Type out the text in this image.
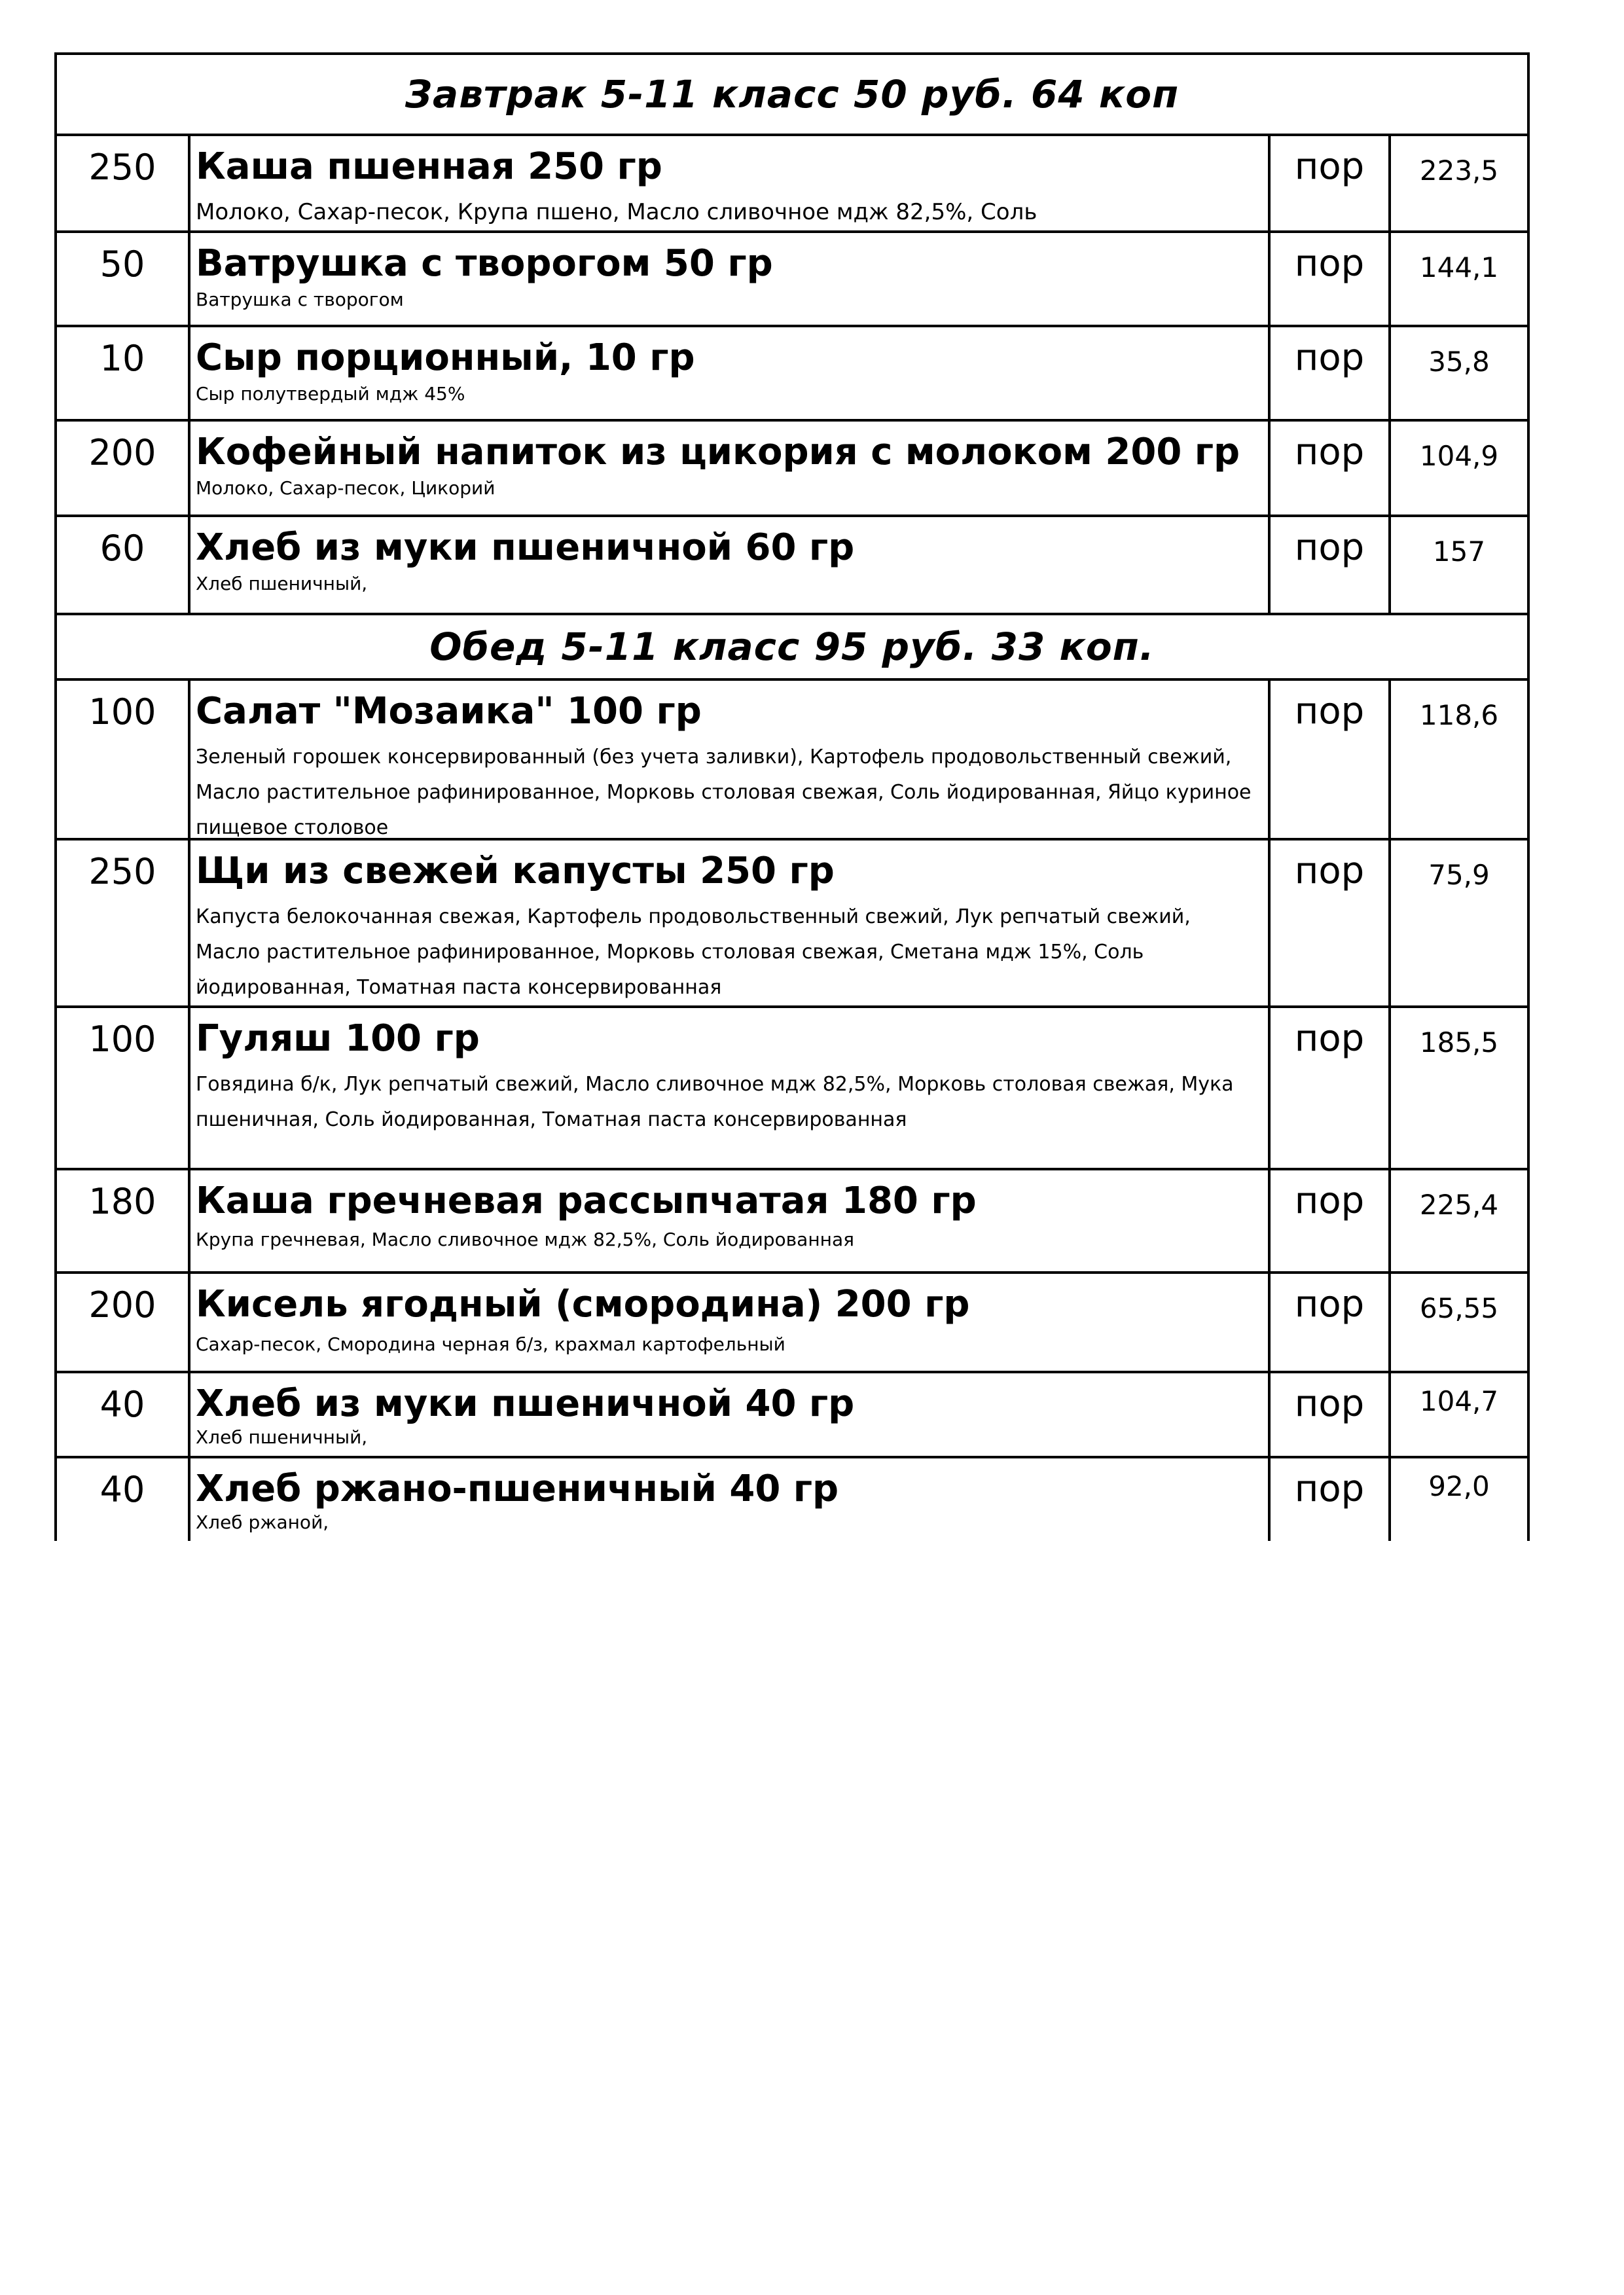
Завтрак 5-11 класс 50 руб. 64 коп
250	Каша пшенная 250 гр
Молоко, Сахар-песок, Крупа пшено, Масло сливочное мдж 82,5%, Соль
пор	223,5
50	Ватрушка с творогом 50 гр
Ватрушка с творогом
пор	144,1
10	Сыр порционный, 10 гр
Сыр полутвердый мдж 45%
пор	35,8
200	Кофейный напиток из цикория с молоком 200 гр
Молоко, Сахар-песок, Цикорий
пор	104,9
60	Хлеб из муки пшеничной 60 гр
Хлеб пшеничный,
пор	157
Обед 5-11 класс 95 руб. 33 коп.
100	Салат "Мозаика" 100 гр
Зеленый горошек консервированный (без учета заливки), Картофель продовольственный свежий, Масло растительное рафинированное, Морковь столовая свежая, Соль йодированная, Яйцо куриное пищевое столовое
пор	118,6
250	Щи из свежей капусты 250 гр
Капуста белокочанная свежая, Картофель продовольственный свежий, Лук репчатый свежий, Масло растительное рафинированное, Морковь столовая свежая, Сметана мдж 15%, Соль йодированная, Томатная паста консервированная
пор	75,9
100	Гуляш 100 гр
Говядина б/к, Лук репчатый свежий, Масло сливочное мдж 82,5%, Морковь столовая свежая, Мука пшеничная, Соль йодированная, Томатная паста консервированная
пор	185,5
180	Каша гречневая рассыпчатая 180 гр
Крупа гречневая, Масло сливочное мдж 82,5%, Соль йодированная
пор	225,4
200	Кисель ягодный (смородина) 200 гр
Сахар-песок, Смородина черная б/з, крахмал картофельный
пор	65,55
40	Хлеб из муки пшеничной 40 гр
Хлеб пшеничный,
пор	104,7
40	Хлеб ржано-пшеничный 40 гр
Хлеб ржаной,
пор	92,0
